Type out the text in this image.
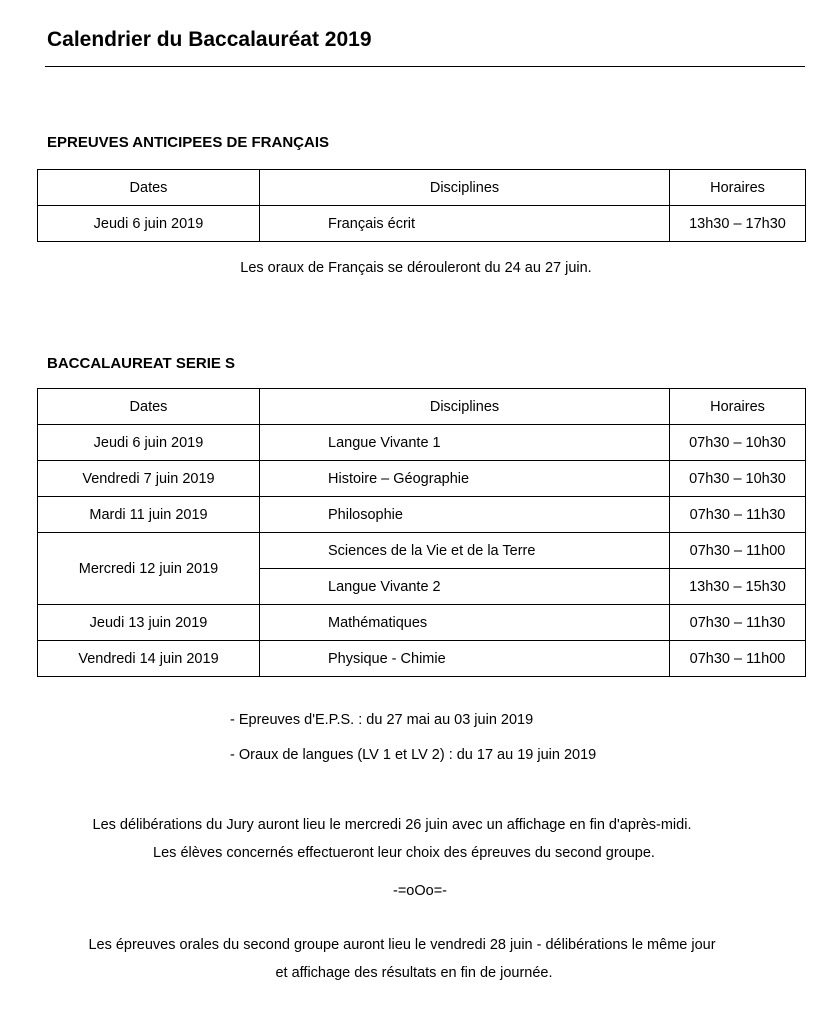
Calendrier du Baccalauréat 2019
EPREUVES ANTICIPEES DE FRANÇAIS
Dates	Disciplines	Horaires
Jeudi 6 juin 2019	Français écrit	13h30 – 17h30
Les oraux de Français se dérouleront du 24 au 27 juin.
BACCALAUREAT SERIE S
Dates	Disciplines	Horaires
Jeudi 6 juin 2019	Langue Vivante 1	07h30 – 10h30
Vendredi 7 juin 2019	Histoire – Géographie	07h30 – 10h30
Mardi 11 juin 2019	Philosophie	07h30 – 11h30
Mercredi 12 juin 2019	Sciences de la Vie et de la Terre	07h30 – 11h00
	Langue Vivante 2	13h30 – 15h30
Jeudi 13 juin 2019	Mathématiques	07h30 – 11h30
Vendredi 14 juin 2019	Physique - Chimie	07h30 – 11h00
- Epreuves d'E.P.S. : du 27 mai au 03 juin 2019
- Oraux de langues (LV 1 et LV 2) : du 17 au 19 juin 2019
Les délibérations du Jury auront lieu le mercredi 26 juin avec un affichage en fin d'après-midi.
Les élèves concernés effectueront leur choix des épreuves du second groupe.
-=oOo=-
Les épreuves orales du second groupe auront lieu le vendredi 28 juin - délibérations le même jour
et affichage des résultats en fin de journée.
